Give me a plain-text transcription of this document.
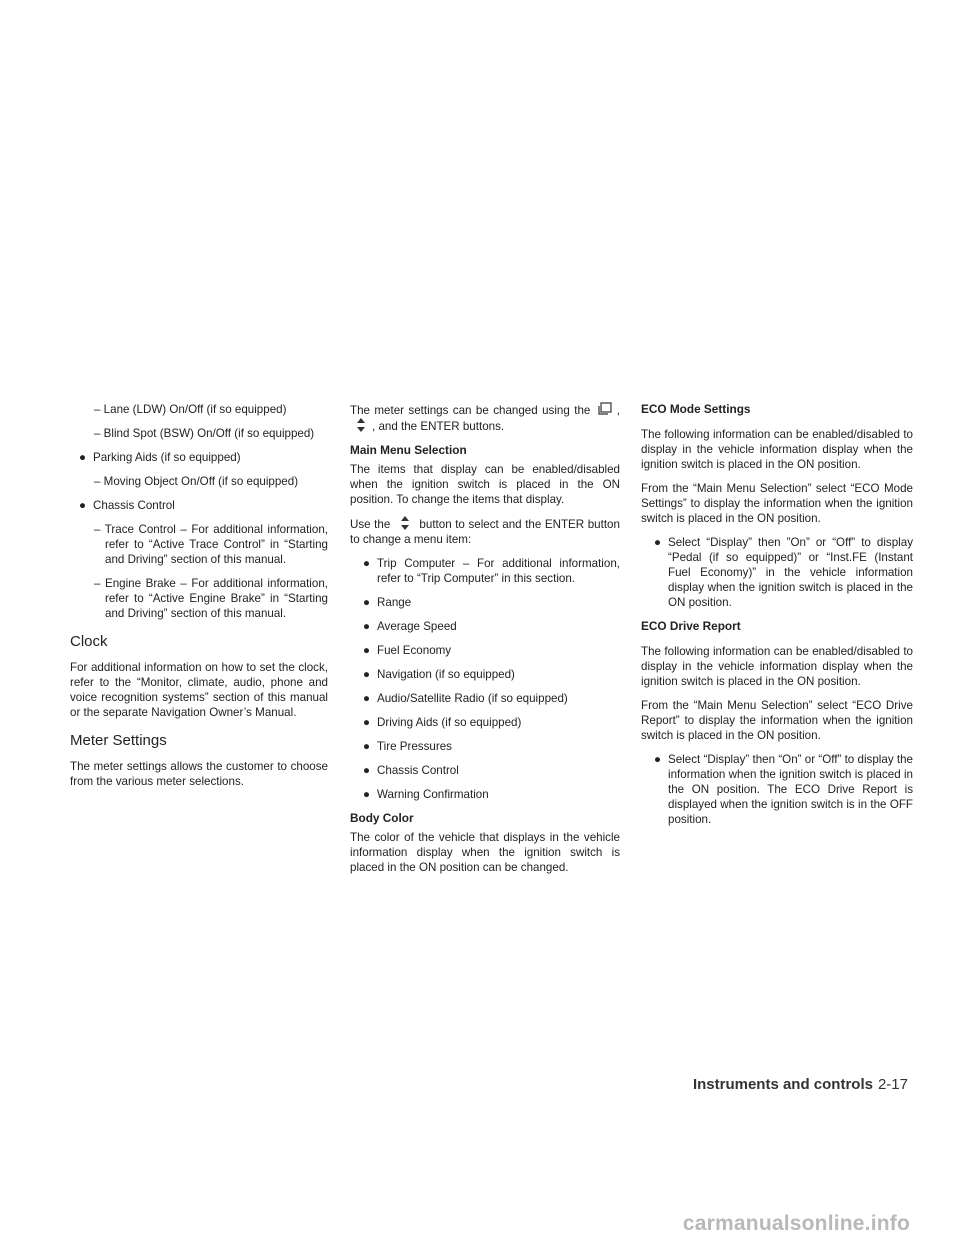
– Lane (LDW) On/Off (if so equipped)

– Blind Spot (BSW) On/Off (if so equipped)

● Parking Aids (if so equipped)

– Moving Object On/Off (if so equipped)

● Chassis Control

– Trace Control – For additional information, refer to “Active Trace Control” in “Starting and Driving” section of this manual.

– Engine Brake – For additional information, refer to “Active Engine Brake” in “Starting and Driving” section of this manual.

Clock

For additional information on how to set the clock, refer to the “Monitor, climate, audio, phone and voice recognition systems” section of this manual or the separate Navigation Owner’s Manual.

Meter Settings

The meter settings allows the customer to choose from the various meter selections.

The meter settings can be changed using the , , and the ENTER buttons.

Main Menu Selection

The items that display can be enabled/disabled when the ignition switch is placed in the ON position. To change the items that display.

Use the	button to select and the ENTER button to change a menu item:

● Trip Computer – For additional information, refer to “Trip Computer” in this section.
● Range
● Average Speed
● Fuel Economy
● Navigation (if so equipped)
● Audio/Satellite Radio (if so equipped)
● Driving Aids (if so equipped)
● Tire Pressures
● Chassis Control
● Warning Confirmation
Body Color

The color of the vehicle that displays in the vehicle information display when the ignition switch is placed in the ON position can be changed.

ECO Mode Settings

The following information can be enabled/disabled to display in the vehicle information display when the ignition switch is placed in the ON position.

From the “Main Menu Selection” select “ECO Mode Settings” to display the information when the ignition switch is placed in the ON position.

● Select “Display” then ”On” or “Off” to display “Pedal (if so equipped)” or “Inst.FE (Instant Fuel Economy)” in the vehicle information display when the ignition switch is placed in the ON position.
ECO Drive Report

The following information can be enabled/disabled to display in the vehicle information display when the ignition switch is placed in the ON position.

From the “Main Menu Selection” select “ECO Drive Report” to display the information when the ignition switch is placed in the ON position.

● Select “Display” then “On” or “Off” to display the information when the ignition switch is placed in the ON position. The ECO Drive Report is displayed when the ignition switch is in the OFF position.
Instruments and controls 2-17
carmanualsonline.info
